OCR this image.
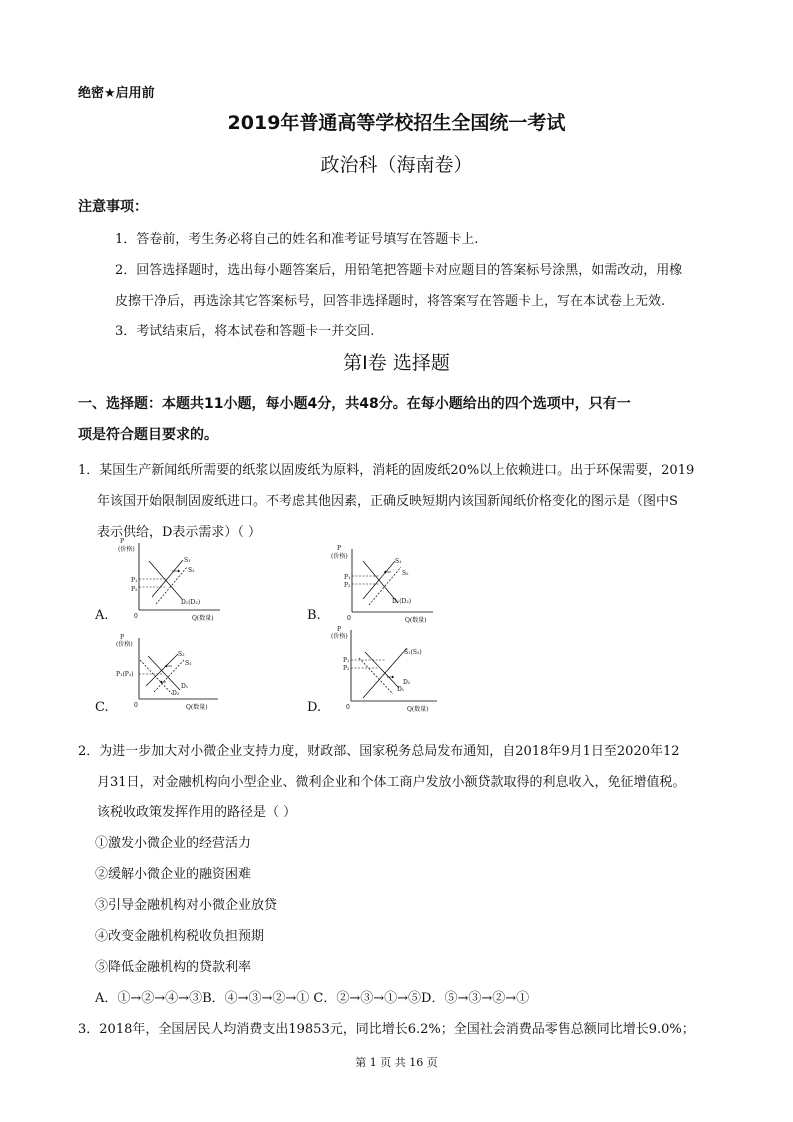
绝密★启用前
2019年普通高等学校招生全国统一考试
政治科（海南卷）
注意事项：
1．答卷前，考生务必将自己的姓名和准考证号填写在答题卡上.
2．回答选择题时，选出每小题答案后，用铅笔把答题卡对应题目的答案标号涂黑，如需改动，用橡
皮擦干净后，再选涂其它答案标号，回答非选择题时，将答案写在答题卡上，写在本试卷上无效.
3．考试结束后，将本试卷和答题卡一并交回.
第Ⅰ卷 选择题
一、选择题：本题共11小题，每小题4分，共48分。在每小题给出的四个选项中，只有一
项是符合题目要求的。
1．某国生产新闻纸所需要的纸浆以固废纸为原料，消耗的固废纸20%以上依赖进口。出于环保需要，2019
年该国开始限制固废纸进口。不考虑其他因素，正确反映短期内该国新闻纸价格变化的图示是（图中S
表示供给，D表示需求）（ ）
A.
P
(价格)
0	Q(数量)
P₁
P₂
S₁
S₂
D₁(D₂)
B.
P
(价格)
0	Q(数量)
P₁
P₂
S₁
S₂
D₁(D₂)
C.
P
(价格)
0	Q(数量)
P₁(P₂)
S₂
S₁
D₁
D₂
D.
P
(价格)
0	Q(数量)
P₁
P₂
S₁(S₂)
D₁
D₂
2．为进一步加大对小微企业支持力度，财政部、国家税务总局发布通知，自2018年9月1日至2020年12
月31日，对金融机构向小型企业、微利企业和个体工商户发放小额贷款取得的利息收入，免征增值税。
该税收政策发挥作用的路径是（ ）
①激发小微企业的经营活力
②缓解小微企业的融资困难
③引导金融机构对小微企业放贷
④改变金融机构税收负担预期
⑤降低金融机构的贷款利率
A．①→②→④→③B．④→③→②→① C．②→③→①→⑤D．⑤→③→②→①
3．2018年，全国居民人均消费支出19853元，同比增长6.2%；全国社会消费品零售总额同比增长9.0%；
第 1 页 共 16 页
